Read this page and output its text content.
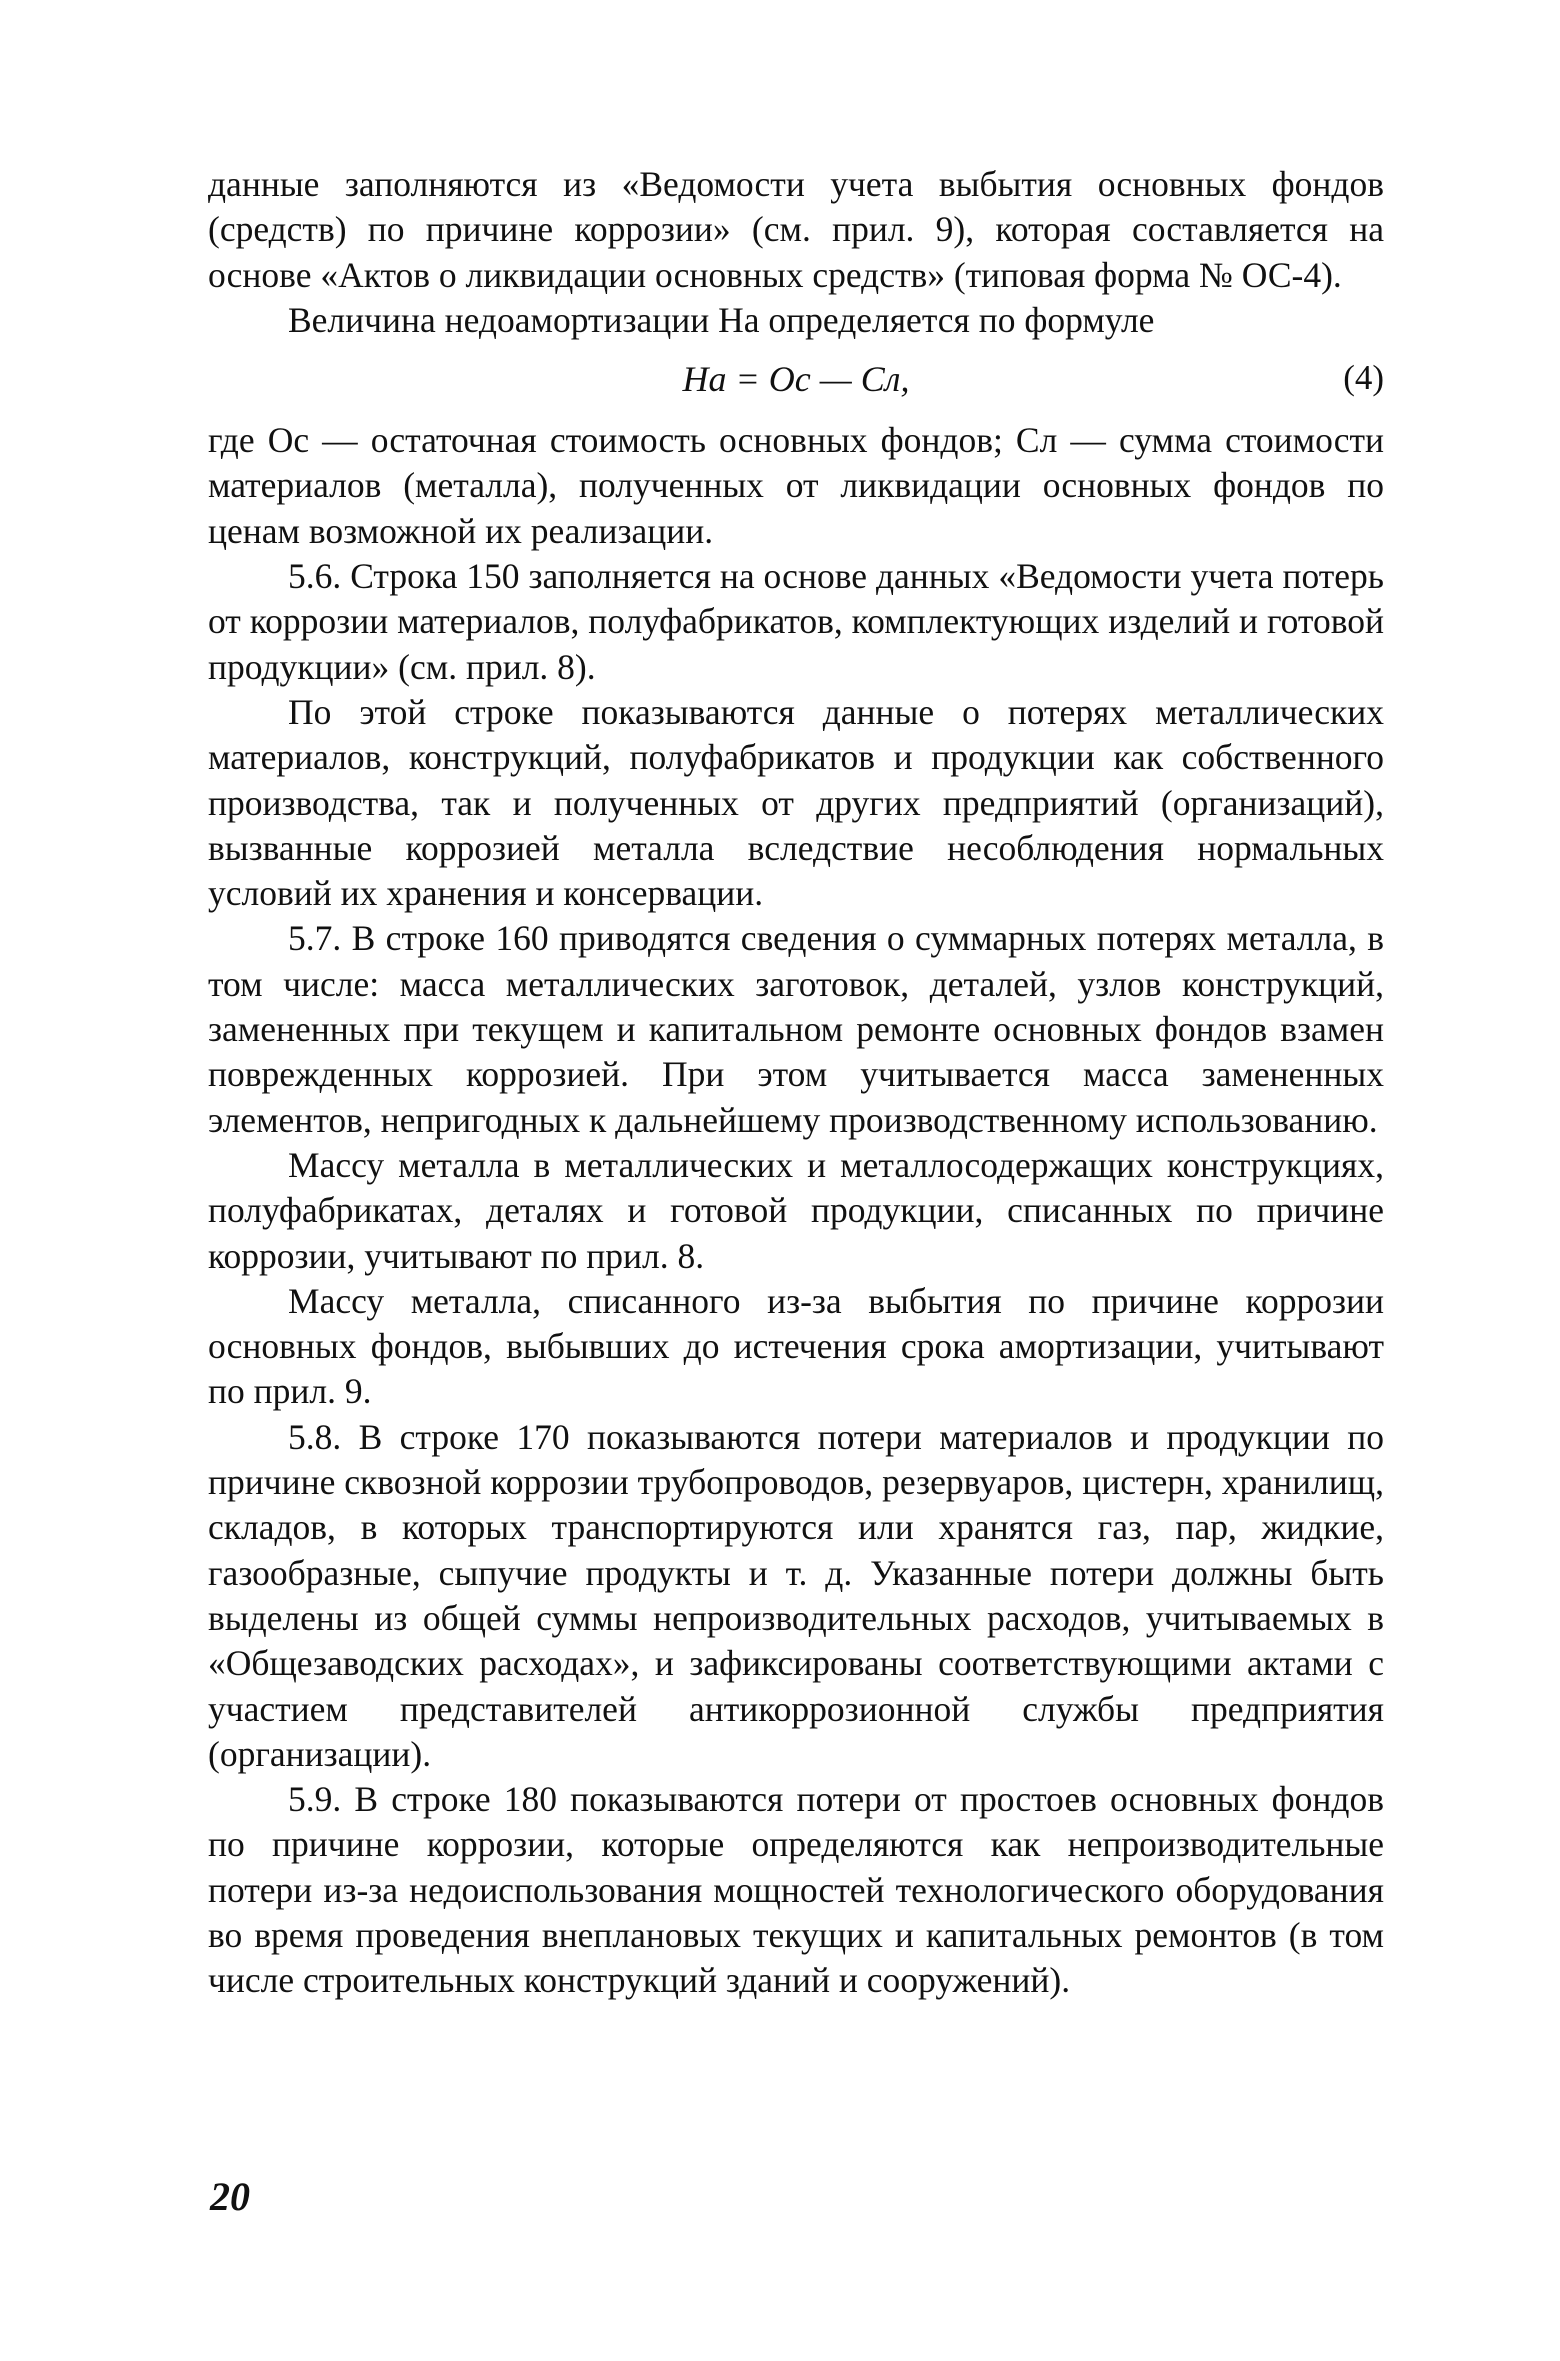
данные заполняются из «Ведомости учета выбытия основных фондов (средств) по причине коррозии» (см. прил. 9), которая составляется на основе «Актов о ликвидации основных средств» (типовая форма № ОС-4).

Величина недоамортизации Ha определяется по формуле

Hа = Ос — Сл,	(4)

где Ос — остаточная стоимость основных фондов; Сл — сумма стоимости материалов (металла), полученных от ликвидации основных фондов по ценам возможной их реализации.

5.6. Строка 150 заполняется на основе данных «Ведомости учета потерь от коррозии материалов, полуфабрикатов, комплектующих изделий и готовой продукции» (см. прил. 8).

По этой строке показываются данные о потерях металлических материалов, конструкций, полуфабрикатов и продукции как собственного производства, так и полученных от других предприятий (организаций), вызванные коррозией металла вследствие несоблюдения нормальных условий их хранения и консервации.

5.7. В строке 160 приводятся сведения о суммарных потерях металла, в том числе: масса металлических заготовок, деталей, узлов конструкций, замененных при текущем и капитальном ремонте основных фондов взамен поврежденных коррозией. При этом учитывается масса замененных элементов, непригодных к дальнейшему производственному использованию.

Массу металла в металлических и металлосодержащих конструкциях, полуфабрикатах, деталях и готовой продукции, списанных по причине коррозии, учитывают по прил. 8.

Массу металла, списанного из-за выбытия по причине коррозии основных фондов, выбывших до истечения срока амортизации, учитывают по прил. 9.

5.8. В строке 170 показываются потери материалов и продукции по причине сквозной коррозии трубопроводов, резервуаров, цистерн, хранилищ, складов, в которых транспортируются или хранятся газ, пар, жидкие, газообразные, сыпучие продукты и т. д. Указанные потери должны быть выделены из общей суммы непроизводительных расходов, учитываемых в «Общезаводских расходах», и зафиксированы соответствующими актами с участием представителей антикоррозионной службы предприятия (организации).

5.9. В строке 180 показываются потери от простоев основных фондов по причине коррозии, которые определяются как непроизводительные потери из-за недоиспользования мощностей технологического оборудования во время проведения внеплановых текущих и капитальных ремонтов (в том числе строительных конструкций зданий и сооружений).

20
